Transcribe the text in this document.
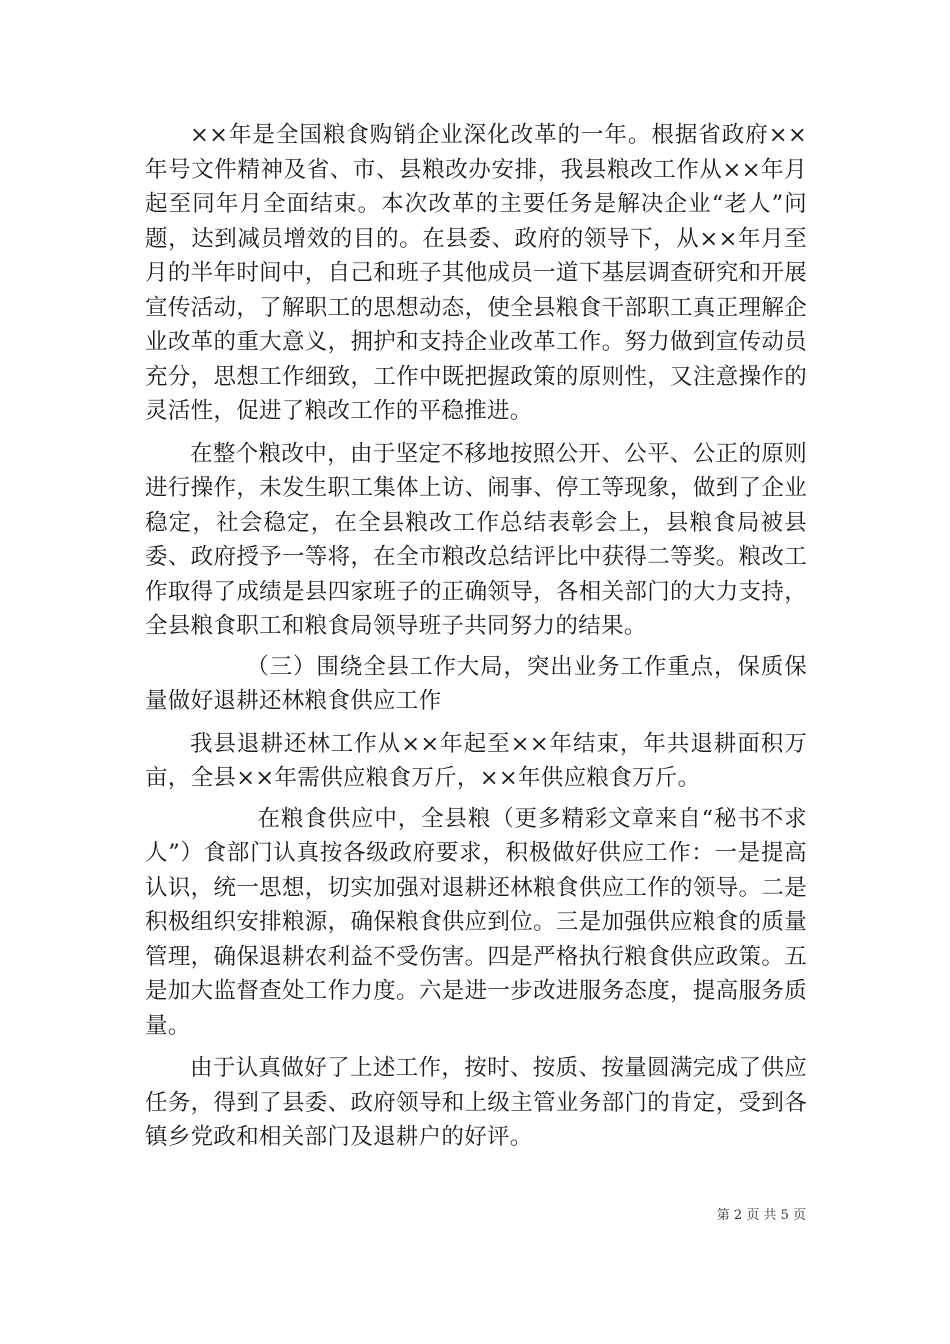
××年是全国粮食购销企业深化改革的一年。根据省政府××年号文件精神及省、市、县粮改办安排，我县粮改工作从××年月起至同年月全面结束。本次改革的主要任务是解决企业“老人”问题，达到减员增效的目的。在县委、政府的领导下，从××年月至月的半年时间中，自己和班子其他成员一道下基层调查研究和开展宣传活动，了解职工的思想动态，使全县粮食干部职工真正理解企业改革的重大意义，拥护和支持企业改革工作。努力做到宣传动员充分，思想工作细致，工作中既把握政策的原则性，又注意操作的灵活性，促进了粮改工作的平稳推进。

在整个粮改中，由于坚定不移地按照公开、公平、公正的原则进行操作，未发生职工集体上访、闹事、停工等现象，做到了企业稳定，社会稳定，在全县粮改工作总结表彰会上，县粮食局被县委、政府授予一等将，在全市粮改总结评比中获得二等奖。粮改工作取得了成绩是县四家班子的正确领导，各相关部门的大力支持，全县粮食职工和粮食局领导班子共同努力的结果。

（三）围绕全县工作大局，突出业务工作重点，保质保量做好退耕还林粮食供应工作

我县退耕还林工作从××年起至××年结束，年共退耕面积万亩，全县××年需供应粮食万斤，××年供应粮食万斤。

在粮食供应中，全县粮（更多精彩文章来自“秘书不求人”）食部门认真按各级政府要求，积极做好供应工作：一是提高认识，统一思想，切实加强对退耕还林粮食供应工作的领导。二是积极组织安排粮源，确保粮食供应到位。三是加强供应粮食的质量管理，确保退耕农利益不受伤害。四是严格执行粮食供应政策。五是加大监督查处工作力度。六是进一步改进服务态度，提高服务质量。

由于认真做好了上述工作，按时、按质、按量圆满完成了供应任务，得到了县委、政府领导和上级主管业务部门的肯定，受到各镇乡党政和相关部门及退耕户的好评。

第 2 页 共 5 页
